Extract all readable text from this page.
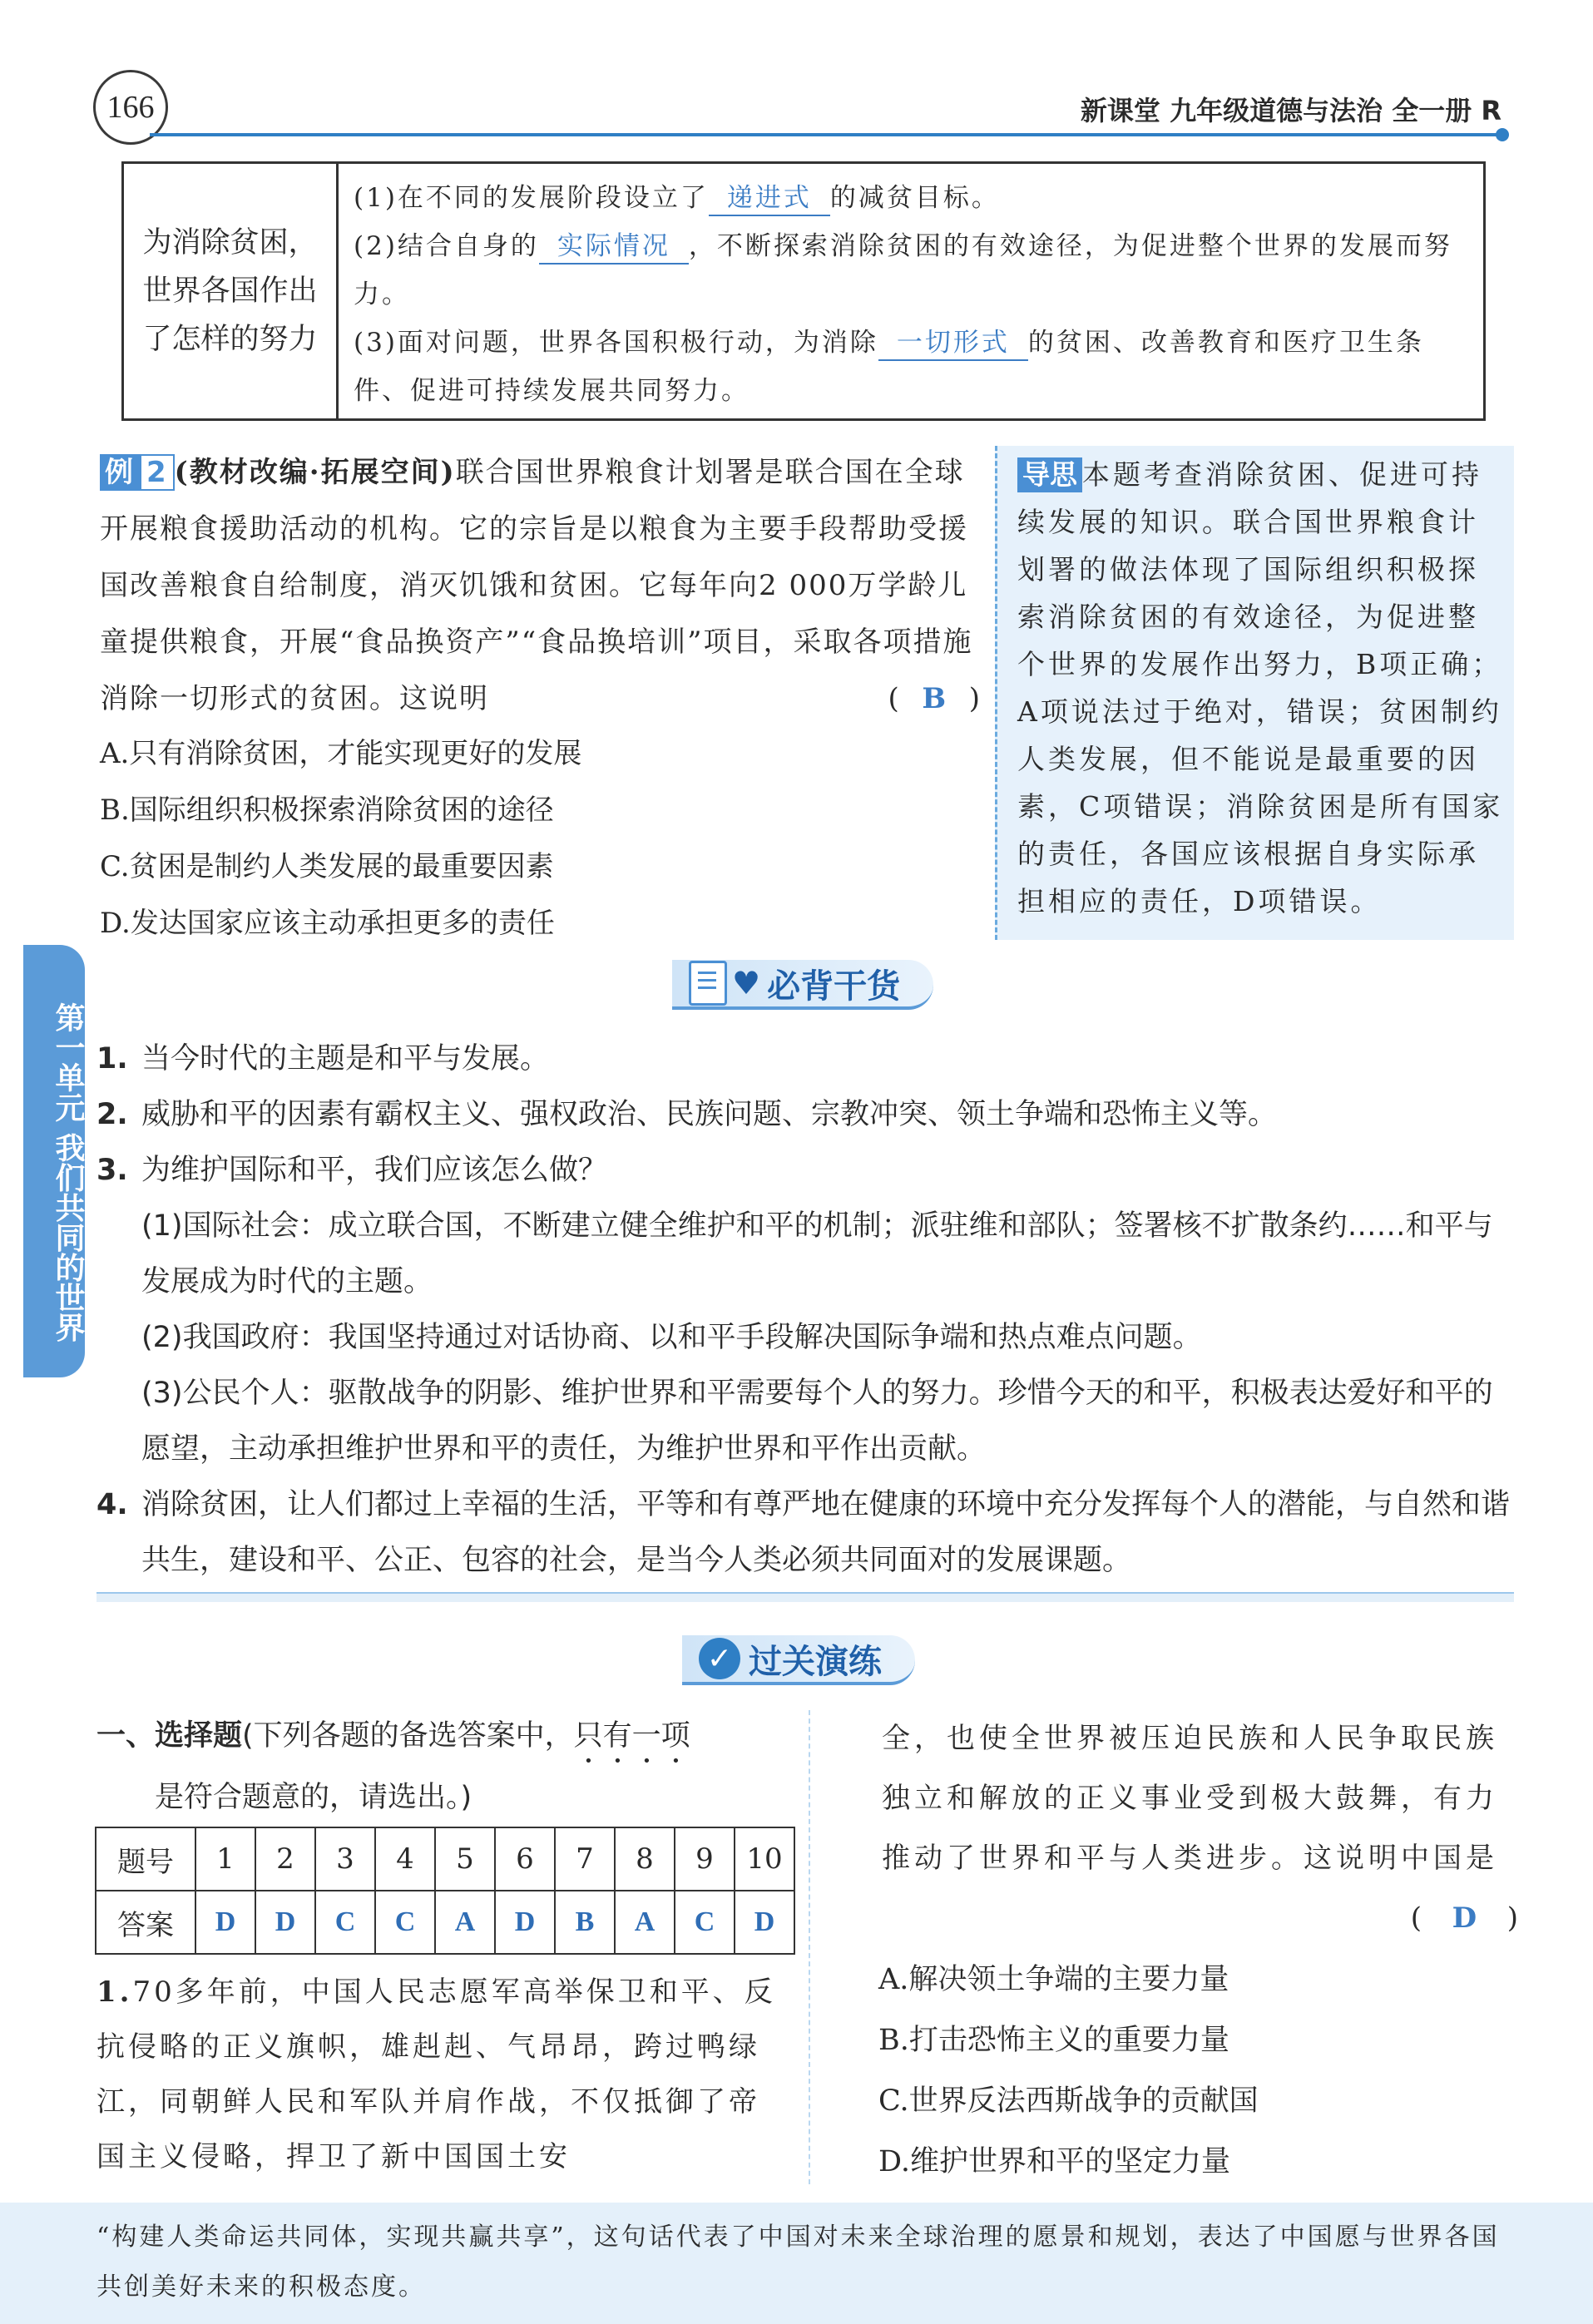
166	新课堂 九年级道德与法治 全一册 R
为消除贫困，世界各国作出了怎样的努力
(1)在不同的发展阶段设立了 递进式 的减贫目标。
(2)结合自身的 实际情况 ，不断探索消除贫困的有效途径，为促进整个世界的发展而努力。
(3)面对问题，世界各国积极行动，为消除 一切形式 的贫困、改善教育和医疗卫生条件、促进可持续发展共同努力。
例 2 (教材改编·拓展空间)联合国世界粮食计划署是联合国在全球开展粮食援助活动的机构。它的宗旨是以粮食为主要手段帮助受援国改善粮食自给制度，消灭饥饿和贫困。它每年向2 000万学龄儿童提供粮食，开展“食品换资产”“食品换培训”项目，采取各项措施消除一切形式的贫困。这说明	( B )
A.只有消除贫困，才能实现更好的发展
B.国际组织积极探索消除贫困的途径
C.贫困是制约人类发展的最重要因素
D.发达国家应该主动承担更多的责任
导思 本题考查消除贫困、促进可持续发展的知识。联合国世界粮食计划署的做法体现了国际组织积极探索消除贫困的有效途径，为促进整个世界的发展作出努力，B项正确；A项说法过于绝对，错误；贫困制约人类发展，但不能说是最重要的因素，C项错误；消除贫困是所有国家的责任，各国应该根据自身实际承担相应的责任，D项错误。
第一单元 我们共同的世界
♥ 必背干货
1. 当今时代的主题是和平与发展。
2. 威胁和平的因素有霸权主义、强权政治、民族问题、宗教冲突、领土争端和恐怖主义等。
3. 为维护国际和平，我们应该怎么做？
(1)国际社会：成立联合国，不断建立健全维护和平的机制；派驻维和部队；签署核不扩散条约……和平与发展成为时代的主题。
(2)我国政府：我国坚持通过对话协商、以和平手段解决国际争端和热点难点问题。
(3)公民个人：驱散战争的阴影、维护世界和平需要每个人的努力。珍惜今天的和平，积极表达爱好和平的愿望，主动承担维护世界和平的责任，为维护世界和平作出贡献。
4. 消除贫困，让人们都过上幸福的生活，平等和有尊严地在健康的环境中充分发挥每个人的潜能，与自然和谐共生，建设和平、公正、包容的社会，是当今人类必须共同面对的发展课题。
✓ 过关演练
一、选择题(下列各题的备选答案中，只有一项
是符合题意的，请选出。)
题号	1	2	3	4	5	6	7	8	9	10
答案	D	D	C	C	A	D	B	A	C	D
1.70多年前，中国人民志愿军高举保卫和平、反抗侵略的正义旗帜，雄赳赳、气昂昂，跨过鸭绿江，同朝鲜人民和军队并肩作战，不仅抵御了帝国主义侵略，捍卫了新中国国土安
全，也使全世界被压迫民族和人民争取民族独立和解放的正义事业受到极大鼓舞，有力推动了世界和平与人类进步。这说明中国是
( D )
A.解决领土争端的主要力量
B.打击恐怖主义的重要力量
C.世界反法西斯战争的贡献国
D.维护世界和平的坚定力量
“构建人类命运共同体，实现共赢共享”，这句话代表了中国对未来全球治理的愿景和规划，表达了中国愿与世界各国共创美好未来的积极态度。
